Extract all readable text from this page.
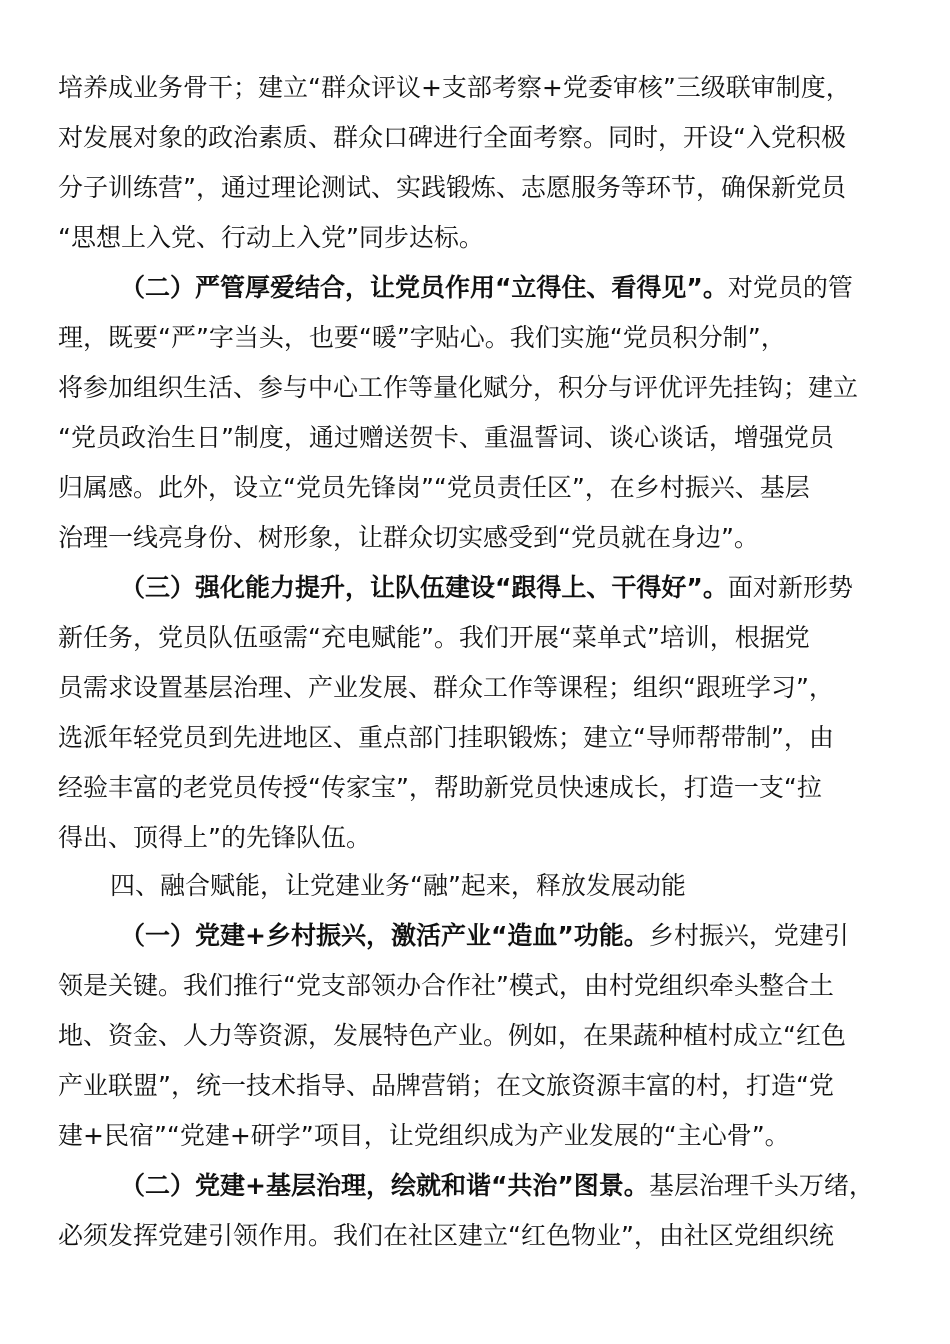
培养成业务骨干；建立“群众评议+支部考察+党委审核”三级联审制度，
对发展对象的政治素质、群众口碑进行全面考察。同时，开设“入党积极
分子训练营”，通过理论测试、实践锻炼、志愿服务等环节，确保新党员
“思想上入党、行动上入党”同步达标。
（二）严管厚爱结合，让党员作用“立得住、看得见”。对党员的管
理，既要“严”字当头，也要“暖”字贴心。我们实施“党员积分制”，
将参加组织生活、参与中心工作等量化赋分，积分与评优评先挂钩；建立
“党员政治生日”制度，通过赠送贺卡、重温誓词、谈心谈话，增强党员
归属感。此外，设立“党员先锋岗”“党员责任区”，在乡村振兴、基层
治理一线亮身份、树形象，让群众切实感受到“党员就在身边”。
（三）强化能力提升，让队伍建设“跟得上、干得好”。面对新形势
新任务，党员队伍亟需“充电赋能”。我们开展“菜单式”培训，根据党
员需求设置基层治理、产业发展、群众工作等课程；组织“跟班学习”，
选派年轻党员到先进地区、重点部门挂职锻炼；建立“导师帮带制”，由
经验丰富的老党员传授“传家宝”，帮助新党员快速成长，打造一支“拉
得出、顶得上”的先锋队伍。
四、融合赋能，让党建业务“融”起来，释放发展动能
（一）党建+乡村振兴，激活产业“造血”功能。乡村振兴，党建引
领是关键。我们推行“党支部领办合作社”模式，由村党组织牵头整合土
地、资金、人力等资源，发展特色产业。例如，在果蔬种植村成立“红色
产业联盟”，统一技术指导、品牌营销；在文旅资源丰富的村，打造“党
建+民宿”“党建+研学”项目，让党组织成为产业发展的“主心骨”。
（二）党建+基层治理，绘就和谐“共治”图景。基层治理千头万绪，
必须发挥党建引领作用。我们在社区建立“红色物业”，由社区党组织统
